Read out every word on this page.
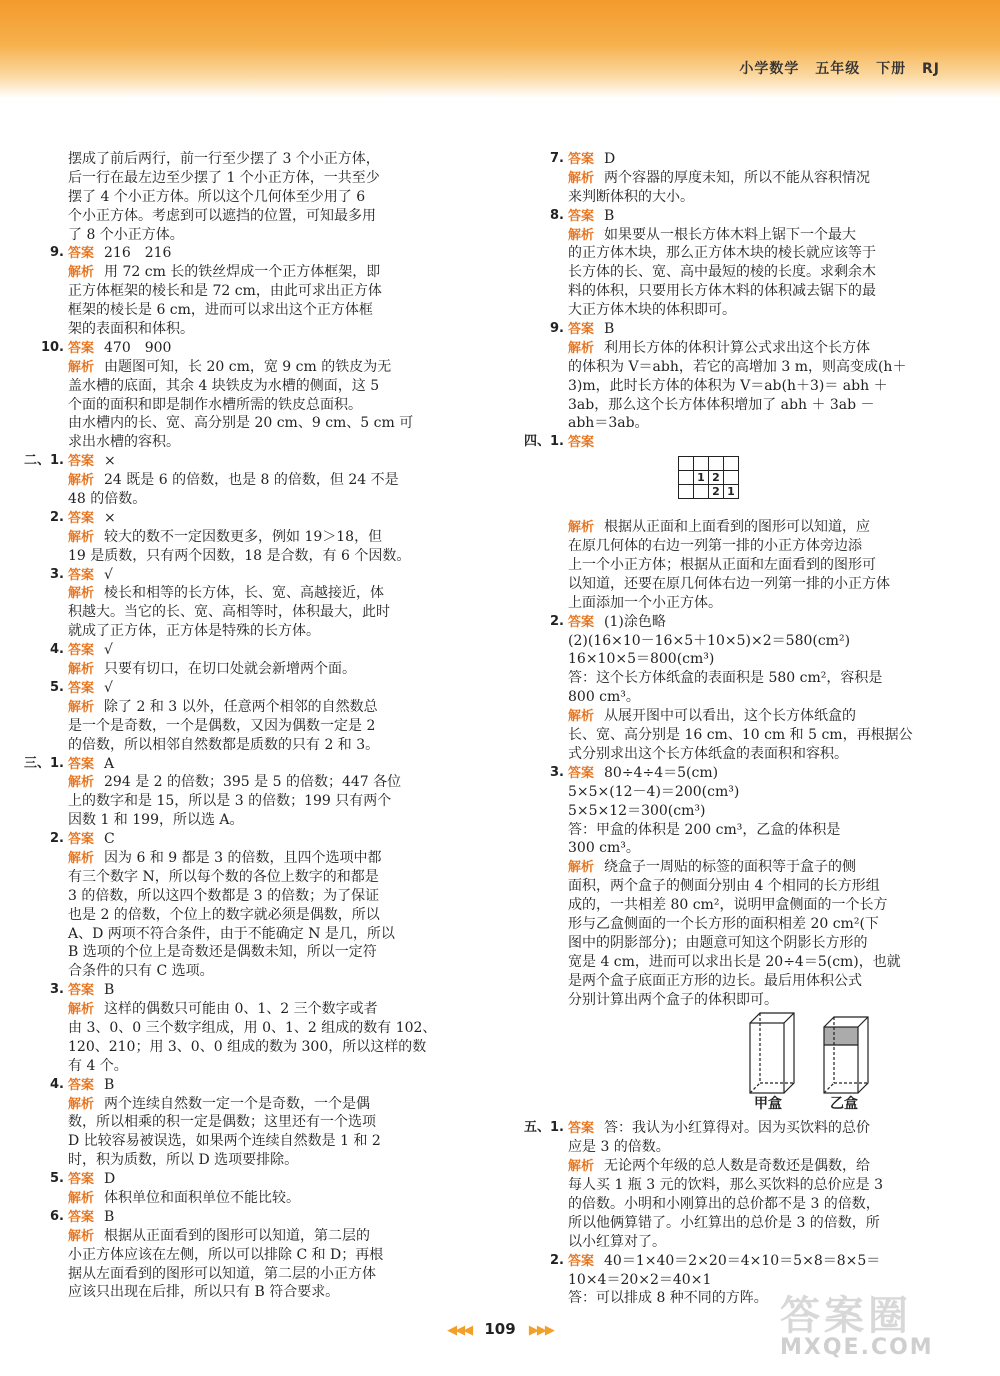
小学数学 五年级 下册 RJ
摆成了前后两行，前一行至少摆了 3 个小正方体，
后一行在最左边至少摆了 1 个小正方体，一共至少
摆了 4 个小正方体。所以这个几何体至少用了 6
个小正方体。考虑到可以遮挡的位置，可知最多用
了 8 个小正方体。
9. 答案 216　216
解析 用 72 cm 长的铁丝焊成一个正方体框架，即
正方体框架的棱长和是 72 cm，由此可求出正方体
框架的棱长是 6 cm，进而可以求出这个正方体框
架的表面积和体积。
10. 答案 470　900
解析 由题图可知，长 20 cm，宽 9 cm 的铁皮为无
盖水槽的底面，其余 4 块铁皮为水槽的侧面，这 5
个面的面积和即是制作水槽所需的铁皮总面积。
由水槽内的长、宽、高分别是 20 cm、9 cm、5 cm 可
求出水槽的容积。
二、1. 答案 ×
解析 24 既是 6 的倍数，也是 8 的倍数，但 24 不是
48 的倍数。
2. 答案 ×
解析 较大的数不一定因数更多，例如 19＞18，但
19 是质数，只有两个因数，18 是合数，有 6 个因数。
3. 答案 √
解析 棱长和相等的长方体，长、宽、高越接近，体
积越大。当它的长、宽、高相等时，体积最大，此时
就成了正方体，正方体是特殊的长方体。
4. 答案 √
解析 只要有切口，在切口处就会新增两个面。
5. 答案 √
解析 除了 2 和 3 以外，任意两个相邻的自然数总
是一个是奇数，一个是偶数，又因为偶数一定是 2
的倍数，所以相邻自然数都是质数的只有 2 和 3。
三、1. 答案 A
解析 294 是 2 的倍数；395 是 5 的倍数；447 各位
上的数字和是 15，所以是 3 的倍数；199 只有两个
因数 1 和 199，所以选 A。
2. 答案 C
解析 因为 6 和 9 都是 3 的倍数，且四个选项中都
有三个数字 N，所以每个数的各位上数字的和都是
3 的倍数，所以这四个数都是 3 的倍数；为了保证
也是 2 的倍数，个位上的数字就必须是偶数，所以
A、D 两项不符合条件，由于不能确定 N 是几，所以
B 选项的个位上是奇数还是偶数未知，所以一定符
合条件的只有 C 选项。
3. 答案 B
解析 这样的偶数只可能由 0、1、2 三个数字或者
由 3、0、0 三个数字组成，用 0、1、2 组成的数有 102、
120、210；用 3、0、0 组成的数为 300，所以这样的数
有 4 个。
4. 答案 B
解析 两个连续自然数一定一个是奇数，一个是偶
数，所以相乘的积一定是偶数；这里还有一个选项
D 比较容易被误选，如果两个连续自然数是 1 和 2
时，积为质数，所以 D 选项要排除。
5. 答案 D
解析 体积单位和面积单位不能比较。
6. 答案 B
解析 根据从正面看到的图形可以知道，第二层的
小正方体应该在左侧，所以可以排除 C 和 D；再根
据从左面看到的图形可以知道，第二层的小正方体
应该只出现在后排，所以只有 B 符合要求。
7. 答案 D
解析 两个容器的厚度未知，所以不能从容积情况
来判断体积的大小。
8. 答案 B
解析 如果要从一根长方体木料上锯下一个最大
的正方体木块，那么正方体木块的棱长就应该等于
长方体的长、宽、高中最短的棱的长度。求剩余木
料的体积，只要用长方体木料的体积减去锯下的最
大正方体木块的体积即可。
9. 答案 B
解析 利用长方体的体积计算公式求出这个长方体
的体积为 V＝abh，若它的高增加 3 m，则高变成(h＋
3)m，此时长方体的体积为 V＝ab(h＋3)＝ abh ＋
3ab，那么这个长方体体积增加了 abh ＋ 3ab －
abh＝3ab。
四、1. 答案

	1	2	
		2	1
解析 根据从正面和上面看到的图形可以知道，应
在原几何体的右边一列第一排的小正方体旁边添
上一个小正方体；根据从正面和左面看到的图形可
以知道，还要在原几何体右边一列第一排的小正方体
上面添加一个小正方体。
2. 答案 (1)涂色略
(2)(16×10－16×5＋10×5)×2＝580(cm²)
16×10×5＝800(cm³)
答：这个长方体纸盒的表面积是 580 cm²，容积是
800 cm³。
解析 从展开图中可以看出，这个长方体纸盒的
长、宽、高分别是 16 cm、10 cm 和 5 cm，再根据公
式分别求出这个长方体纸盒的表面积和容积。
3. 答案 80÷4÷4＝5(cm)
5×5×(12－4)＝200(cm³)
5×5×12＝300(cm³)
答：甲盒的体积是 200 cm³，乙盒的体积是
300 cm³。
解析 绕盒子一周贴的标签的面积等于盒子的侧
面积，两个盒子的侧面分别由 4 个相同的长方形组
成的，一共相差 80 cm²，说明甲盒侧面的一个长方
形与乙盒侧面的一个长方形的面积相差 20 cm²(下
图中的阴影部分)；由题意可知这个阴影长方形的
宽是 4 cm，进而可以求出长是 20÷4＝5(cm)，也就
是两个盒子底面正方形的边长。最后用体积公式
分别计算出两个盒子的体积即可。
甲盒	乙盒
五、1. 答案 答：我认为小红算得对。因为买饮料的总价
应是 3 的倍数。
解析 无论两个年级的总人数是奇数还是偶数，给
每人买 1 瓶 3 元的饮料，那么买饮料的总价应是 3
的倍数。小明和小刚算出的总价都不是 3 的倍数，
所以他俩算错了。小红算出的总价是 3 的倍数，所
以小红算对了。
2. 答案 40＝1×40＝2×20＝4×10＝5×8＝8×5＝
10×4＝20×2＝40×1
答：可以排成 8 种不同的方阵。
◀◀◀ 109 ▶▶▶	答案圈
MXQE.COM
